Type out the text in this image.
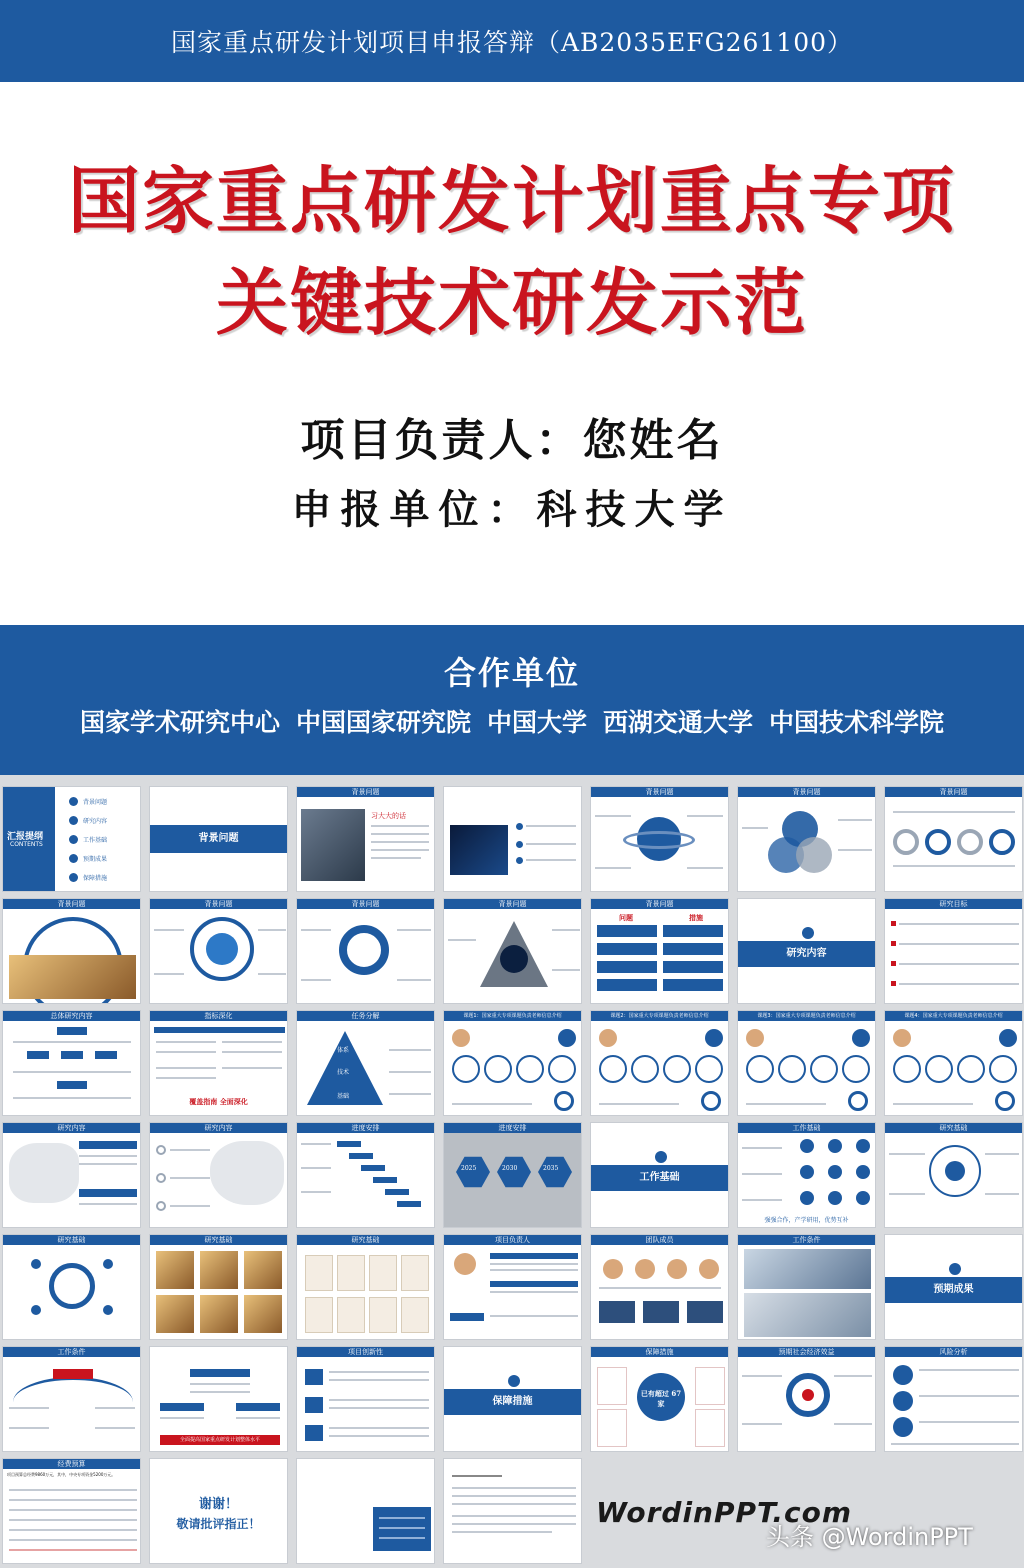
国家重点研发计划项目申报答辩（AB2035EFG261100）
国家重点研发计划重点专项
关键技术研发示范
项目负责人：您姓名
申报单位：科技大学
合作单位
国家学术研究中心 中国国家研究院 中国大学 西湖交通大学 中国技术科学院
汇报提纲
CONTENTS
背景问题
研究内容
工作基础
预期成果
保障措施
背景问题
背景问题
习大大的话
背景问题	背景问题	背景问题
背景问题	背景问题	背景问题	背景问题	背景问题
问题	措施
研究内容
研究目标
总体研究内容	指标深化
覆盖指南 全面深化
任务分解
体系
技术
基础
课题1：国家重大专项课题负责老师信息介绍	课题2：国家重大专项课题负责老师信息介绍	课题3：国家重大专项课题负责老师信息介绍	课题4：国家重大专项课题负责老师信息介绍
研究内容	研究内容	进度安排	进度安排
2025	2030	2035
工作基础
工作基础
强强合作，产学研用，优势互补
研究基础
研究基础	研究基础	研究基础	项目负责人	团队成员	工作条件
预期成果
工作条件
全面提高国家重点研发计划整体水平
项目创新性
保障措施
保障措施
已有超过 67家
预期社会经济效益	风险分析
经费预算
项目预算总经费9860万元，其中，中央专项资金5200万元。
谢谢！
敬请批评指正！	WordinPPT.com
头条 @WordinPPT
